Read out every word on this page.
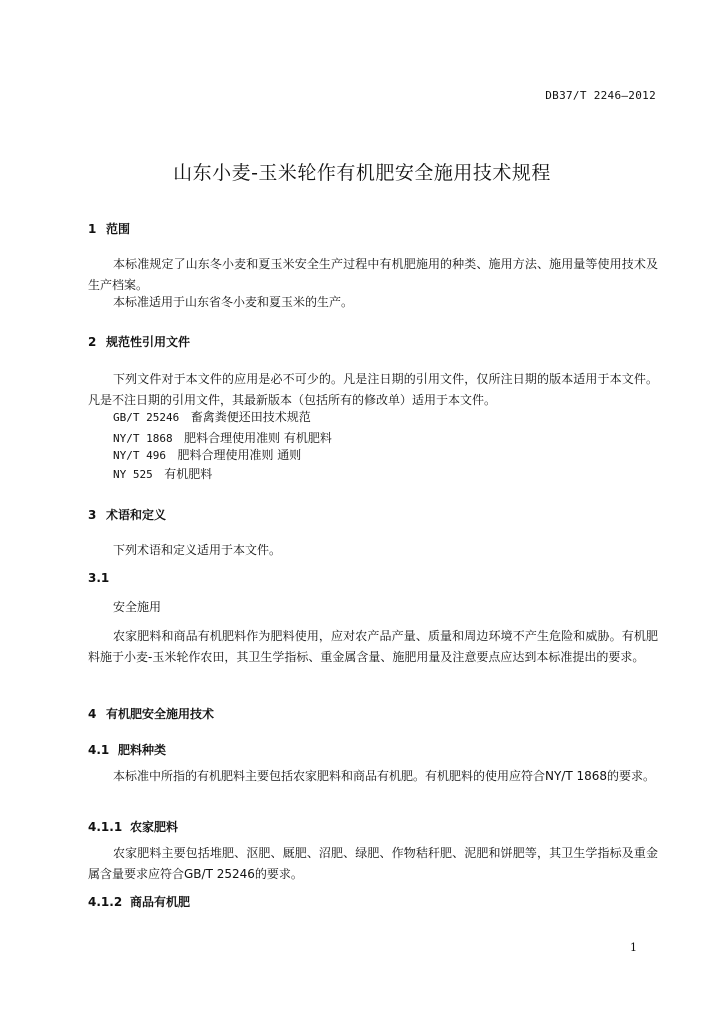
DB37/T 2246—2012
山东小麦-玉米轮作有机肥安全施用技术规程
1 范围
本标准规定了山东冬小麦和夏玉米安全生产过程中有机肥施用的种类、施用方法、施用量等使用技术及生产档案。
本标准适用于山东省冬小麦和夏玉米的生产。
2 规范性引用文件
下列文件对于本文件的应用是必不可少的。凡是注日期的引用文件，仅所注日期的版本适用于本文件。凡是不注日期的引用文件，其最新版本（包括所有的修改单）适用于本文件。
GB/T 25246 畜禽粪便还田技术规范
NY/T 1868 肥料合理使用准则 有机肥料
NY/T 496 肥料合理使用准则 通则
NY 525 有机肥料
3 术语和定义
下列术语和定义适用于本文件。
3.1
安全施用
农家肥料和商品有机肥料作为肥料使用，应对农产品产量、质量和周边环境不产生危险和威胁。有机肥料施于小麦-玉米轮作农田，其卫生学指标、重金属含量、施肥用量及注意要点应达到本标准提出的要求。
4 有机肥安全施用技术
4.1 肥料种类
本标准中所指的有机肥料主要包括农家肥料和商品有机肥。有机肥料的使用应符合NY/T 1868的要求。
4.1.1 农家肥料
农家肥料主要包括堆肥、沤肥、厩肥、沼肥、绿肥、作物秸秆肥、泥肥和饼肥等，其卫生学指标及重金属含量要求应符合GB/T 25246的要求。
4.1.2 商品有机肥
1
